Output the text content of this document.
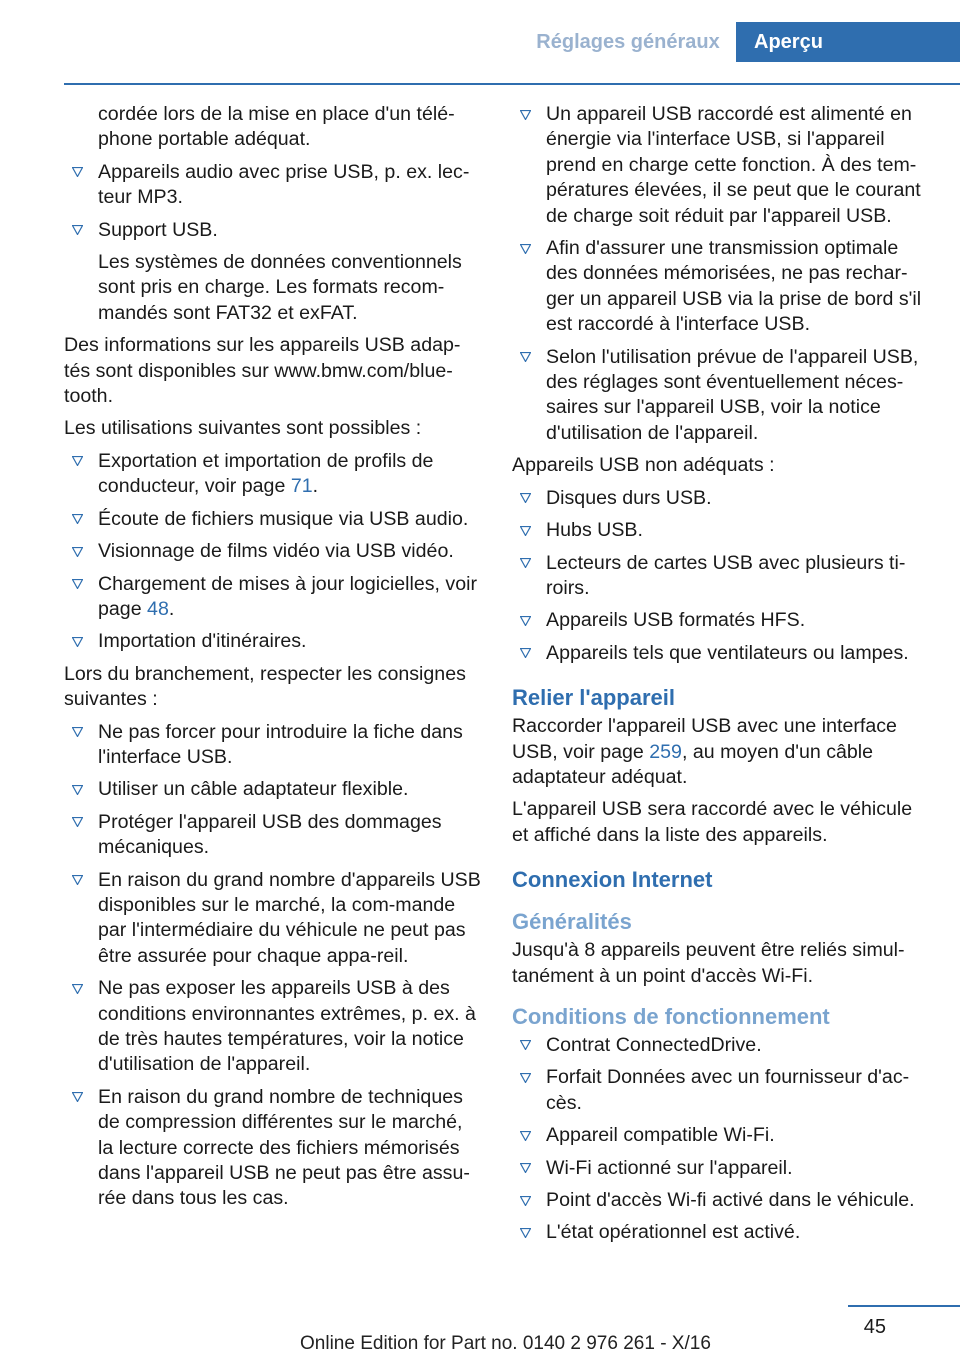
Réglages généraux	Aperçu

cordée lors de la mise en place d'un télé-phone portable adéquat.

Appareils audio avec prise USB, p. ex. lec-teur MP3.
Support USB.

Les systèmes de données conventionnels sont pris en charge. Les formats recom-mandés sont FAT32 et exFAT.

Des informations sur les appareils USB adap-tés sont disponibles sur www.bmw.com/blue-tooth.

Les utilisations suivantes sont possibles :

Exportation et importation de profils de conducteur, voir page 71.
Écoute de fichiers musique via USB audio.
Visionnage de films vidéo via USB vidéo.
Chargement de mises à jour logicielles, voir page 48.
Importation d'itinéraires.

Lors du branchement, respecter les consignes suivantes :

Ne pas forcer pour introduire la fiche dans l'interface USB.
Utiliser un câble adaptateur flexible.
Protéger l'appareil USB des dommages mécaniques.
En raison du grand nombre d'appareils USB disponibles sur le marché, la com-mande par l'intermédiaire du véhicule ne peut pas être assurée pour chaque appa-reil.
Ne pas exposer les appareils USB à des conditions environnantes extrêmes, p. ex. à de très hautes températures, voir la notice d'utilisation de l'appareil.
En raison du grand nombre de techniques de compression différentes sur le marché, la lecture correcte des fichiers mémorisés dans l'appareil USB ne peut pas être assu-rée dans tous les cas.
Un appareil USB raccordé est alimenté en énergie via l'interface USB, si l'appareil prend en charge cette fonction. À des tem-pératures élevées, il se peut que le courant de charge soit réduit par l'appareil USB.
Afin d'assurer une transmission optimale des données mémorisées, ne pas rechar-ger un appareil USB via la prise de bord s'il est raccordé à l'interface USB.
Selon l'utilisation prévue de l'appareil USB, des réglages sont éventuellement néces-saires sur l'appareil USB, voir la notice d'utilisation de l'appareil.

Appareils USB non adéquats :

Disques durs USB.
Hubs USB.
Lecteurs de cartes USB avec plusieurs ti-roirs.
Appareils USB formatés HFS.
Appareils tels que ventilateurs ou lampes.
Relier l'appareil

Raccorder l'appareil USB avec une interface USB, voir page 259, au moyen d'un câble adaptateur adéquat.

L'appareil USB sera raccordé avec le véhicule et affiché dans la liste des appareils.

Connexion Internet
Généralités

Jusqu'à 8 appareils peuvent être reliés simul-tanément à un point d'accès Wi-Fi.

Conditions de fonctionnement
Contrat ConnectedDrive.
Forfait Données avec un fournisseur d'ac-cès.
Appareil compatible Wi-Fi.
Wi-Fi actionné sur l'appareil.
Point d'accès Wi-fi activé dans le véhicule.
L'état opérationnel est activé.
45
Online Edition for Part no. 0140 2 976 261 - X/16
